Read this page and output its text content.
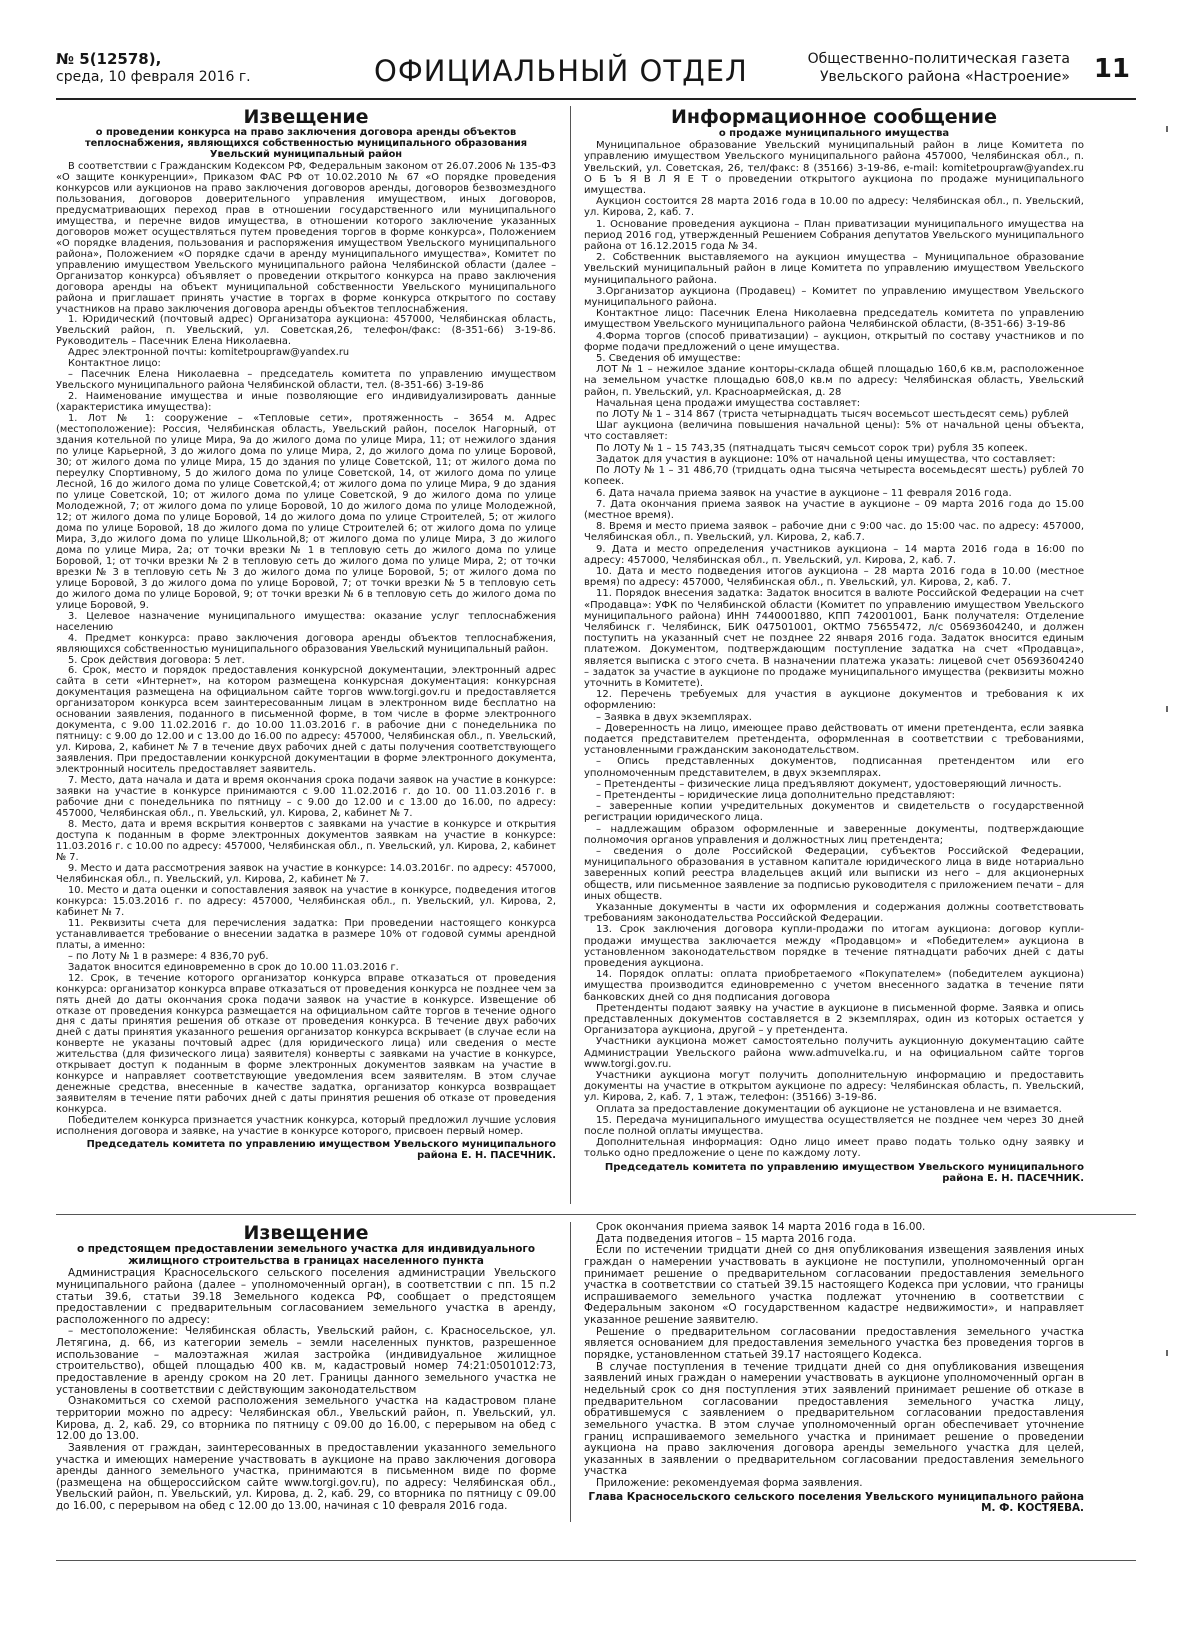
№ 5(12578),
среда, 10 февраля 2016 г.	ОФИЦИАЛЬНЫЙ ОТДЕЛ	Общественно-политическая газета
Увельского района «Настроение» 11
Извещение

о проведении конкурса на право заключения договора аренды объектов теплоснабжения, являющихся собственностью муниципального образования Увельский муниципальный район

В соответствии с Гражданским Кодексом РФ, Федеральным законом от 26.07.2006 № 135-ФЗ «О защите конкуренции», Приказом ФАС РФ от 10.02.2010 № 67 «О порядке проведения конкурсов или аукционов на право заключения договоров аренды, договоров безвозмездного пользования, договоров доверительного управления имуществом, иных договоров, предусматривающих переход прав в отношении государственного или муниципального имущества, и перечне видов имущества, в отношении которого заключение указанных договоров может осуществляться путем проведения торгов в форме конкурса», Положением «О порядке владения, пользования и распоряжения имуществом Увельского муниципального района», Положением «О порядке сдачи в аренду муниципального имущества», Комитет по управлению имуществом Увельского муниципального района Челябинской области (далее – Организатор конкурса) объявляет о проведении открытого конкурса на право заключения договора аренды на объект муниципальной собственности Увельского муниципального района и приглашает принять участие в торгах в форме конкурса открытого по составу участников на право заключения договора аренды объектов теплоснабжения.

1. Юридический (почтовый адрес) Организатора аукциона: 457000, Челябинская область, Увельский район, п. Увельский, ул. Советская,26, телефон/факс: (8-351-66) 3-19-86. Руководитель – Пасечник Елена Николаевна.

Адрес электронной почты: komitetpoupraw@yandex.ru

Контактное лицо:

– Пасечник Елена Николаевна – председатель комитета по управлению имуществом Увельского муниципального района Челябинской области, тел. (8-351-66) 3-19-86

2. Наименование имущества и иные позволяющие его индивидуализировать данные (характеристика имущества):

1. Лот № 1: сооружение – «Тепловые сети», протяженность – 3654 м. Адрес (местоположение): Россия, Челябинская область, Увельский район, поселок Нагорный, от здания котельной по улице Мира, 9а до жилого дома по улице Мира, 11; от нежилого здания по улице Карьерной, 3 до жилого дома по улице Мира, 2, до жилого дома по улице Боровой, 30; от жилого дома по улице Мира, 15 до здания по улице Советской, 11; от жилого дома по переулку Спортивному, 5 до жилого дома по улице Советской, 14, от жилого дома по улице Лесной, 16 до жилого дома по улице Советской,4; от жилого дома по улице Мира, 9 до здания по улице Советской, 10; от жилого дома по улице Советской, 9 до жилого дома по улице Молодежной, 7; от жилого дома по улице Боровой, 10 до жилого дома по улице Молодежной, 12; от жилого дома по улице Боровой, 14 до жилого дома по улице Строителей, 5; от жилого дома по улице Боровой, 18 до жилого дома по улице Строителей 6; от жилого дома по улице Мира, 3,до жилого дома по улице Школьной,8; от жилого дома по улице Мира, 3 до жилого дома по улице Мира, 2а; от точки врезки № 1 в тепловую сеть до жилого дома по улице Боровой, 1; от точки врезки № 2 в тепловую сеть до жилого дома по улице Мира, 2; от точки врезки № 3 в тепловую сеть № 3 до жилого дома по улице Боровой, 5; от жилого дома по улице Боровой, 3 до жилого дома по улице Боровой, 7; от точки врезки № 5 в тепловую сеть до жилого дома по улице Боровой, 9; от точки врезки № 6 в тепловую сеть до жилого дома по улице Боровой, 9.

3. Целевое назначение муниципального имущества: оказание услуг теплоснабжения населению

4. Предмет конкурса: право заключения договора аренды объектов теплоснабжения, являющихся собственностью муниципального образования Увельский муниципальный район.

5. Срок действия договора: 5 лет.

6. Срок, место и порядок предоставления конкурсной документации, электронный адрес сайта в сети «Интернет», на котором размещена конкурсная документация: конкурсная документация размещена на официальном сайте торгов www.torgi.gov.ru и предоставляется организатором конкурса всем заинтересованным лицам в электронном виде бесплатно на основании заявления, поданного в письменной форме, в том числе в форме электронного документа, с 9.00 11.02.2016 г. до 10.00 11.03.2016 г. в рабочие дни с понедельника по пятницу: с 9.00 до 12.00 и с 13.00 до 16.00 по адресу: 457000, Челябинская обл., п. Увельский, ул. Кирова, 2, кабинет № 7 в течение двух рабочих дней с даты получения соответствующего заявления. При предоставлении конкурсной документации в форме электронного документа, электронный носитель предоставляет заявитель.

7. Место, дата начала и дата и время окончания срока подачи заявок на участие в конкурсе: заявки на участие в конкурсе принимаются с 9.00 11.02.2016 г. до 10. 00 11.03.2016 г. в рабочие дни с понедельника по пятницу – с 9.00 до 12.00 и с 13.00 до 16.00, по адресу: 457000, Челябинская обл., п. Увельский, ул. Кирова, 2, кабинет № 7.

8. Место, дата и время вскрытия конвертов с заявками на участие в конкурсе и открытия доступа к поданным в форме электронных документов заявкам на участие в конкурсе: 11.03.2016 г. с 10.00 по адресу: 457000, Челябинская обл., п. Увельский, ул. Кирова, 2, кабинет № 7.

9. Место и дата рассмотрения заявок на участие в конкурсе: 14.03.2016г. по адресу: 457000, Челябинская обл., п. Увельский, ул. Кирова, 2, кабинет № 7.

10. Место и дата оценки и сопоставления заявок на участие в конкурсе, подведения итогов конкурса: 15.03.2016 г. по адресу: 457000, Челябинская обл., п. Увельский, ул. Кирова, 2, кабинет № 7.

11. Реквизиты счета для перечисления задатка: При проведении настоящего конкурса устанавливается требование о внесении задатка в размере 10% от годовой суммы арендной платы, а именно:

– по Лоту № 1 в размере: 4 836,70 руб.

Задаток вносится единовременно в срок до 10.00 11.03.2016 г.

12. Срок, в течение которого организатор конкурса вправе отказаться от проведения конкурса: организатор конкурса вправе отказаться от проведения конкурса не позднее чем за пять дней до даты окончания срока подачи заявок на участие в конкурсе. Извещение об отказе от проведения конкурса размещается на официальном сайте торгов в течение одного дня с даты принятия решения об отказе от проведения конкурса. В течение двух рабочих дней с даты принятия указанного решения организатор конкурса вскрывает (в случае если на конверте не указаны почтовый адрес (для юридического лица) или сведения о месте жительства (для физического лица) заявителя) конверты с заявками на участие в конкурсе, открывает доступ к поданным в форме электронных документов заявкам на участие в конкурсе и направляет соответствующие уведомления всем заявителям. В этом случае денежные средства, внесенные в качестве задатка, организатор конкурса возвращает заявителям в течение пяти рабочих дней с даты принятия решения об отказе от проведения конкурса.

Победителем конкурса признается участник конкурса, который предложил лучшие условия исполнения договора и заявке, на участие в конкурсе которого, присвоен первый номер.

Председатель комитета по управлению имуществом Увельского муниципального района Е. Н. ПАСЕЧНИК.

Информационное сообщение

о продаже муниципального имущества

Муниципальное образование Увельский муниципальный район в лице Комитета по управлению имуществом Увельского муниципального района 457000, Челябинская обл., п. Увельский, ул. Советская, 26, тел/факс: 8 (35166) 3-19-86, e-mail: komitetpoupraw@yandex.ru О Б Ъ Я В Л Я Е Т о проведении открытого аукциона по продаже муниципального имущества.

Аукцион состоится 28 марта 2016 года в 10.00 по адресу: Челябинская обл., п. Увельский, ул. Кирова, 2, каб. 7.

1. Основание проведения аукциона – План приватизации муниципального имущества на период 2016 год, утвержденный Решением Собрания депутатов Увельского муниципального района от 16.12.2015 года № 34.

2. Собственник выставляемого на аукцион имущества – Муниципальное образование Увельский муниципальный район в лице Комитета по управлению имуществом Увельского муниципального района.

3.Организатор аукциона (Продавец) – Комитет по управлению имуществом Увельского муниципального района.

Контактное лицо: Пасечник Елена Николаевна председатель комитета по управлению имуществом Увельского муниципального района Челябинской области, (8-351-66) 3-19-86

4.Форма торгов (способ приватизации) – аукцион, открытый по составу участников и по форме подачи предложений о цене имущества.

5. Сведения об имуществе:

ЛОТ № 1 – нежилое здание конторы-склада общей площадью 160,6 кв.м, расположенное на земельном участке площадью 608,0 кв.м по адресу: Челябинская область, Увельский район, п. Увельский, ул. Красноармейская, д. 28

Начальная цена продажи имущества составляет:

по ЛОТу № 1 – 314 867 (триста четырнадцать тысяч восемьсот шестьдесят семь) рублей

Шаг аукциона (величина повышения начальной цены): 5% от начальной цены объекта, что составляет:

По ЛОТу № 1 – 15 743,35 (пятнадцать тысяч семьсот сорок три) рубля 35 копеек.

Задаток для участия в аукционе: 10% от начальной цены имущества, что составляет:

По ЛОТу № 1 – 31 486,70 (тридцать одна тысяча четыреста восемьдесят шесть) рублей 70 копеек.

6. Дата начала приема заявок на участие в аукционе – 11 февраля 2016 года.

7. Дата окончания приема заявок на участие в аукционе – 09 марта 2016 года до 15.00 (местное время).

8. Время и место приема заявок – рабочие дни с 9:00 час. до 15:00 час. по адресу: 457000, Челябинская обл., п. Увельский, ул. Кирова, 2, каб.7.

9. Дата и место определения участников аукциона – 14 марта 2016 года в 16:00 по адресу: 457000, Челябинская обл., п. Увельский, ул. Кирова, 2, каб. 7.

10. Дата и место подведения итогов аукциона – 28 марта 2016 года в 10.00 (местное время) по адресу: 457000, Челябинская обл., п. Увельский, ул. Кирова, 2, каб. 7.

11. Порядок внесения задатка: Задаток вносится в валюте Российской Федерации на счет «Продавца»: УФК по Челябинской области (Комитет по управлению имуществом Увельского муниципального района) ИНН 7440001880, КПП 742001001, Банк получателя: Отделение Челябинск г. Челябинск, БИК 047501001, ОКТМО 75655472, л/с 05693604240, и должен поступить на указанный счет не позднее 22 января 2016 года. Задаток вносится единым платежом. Документом, подтверждающим поступление задатка на счет «Продавца», является выписка с этого счета. В назначении платежа указать: лицевой счет 05693604240 – задаток за участие в аукционе по продаже муниципального имущества (реквизиты можно уточнить в Комитете).

12. Перечень требуемых для участия в аукционе документов и требования к их оформлению:

– Заявка в двух экземплярах.

– Доверенность на лицо, имеющее право действовать от имени претендента, если заявка подается представителем претендента, оформленная в соответствии с требованиями, установленными гражданским законодательством.

– Опись представленных документов, подписанная претендентом или его уполномоченным представителем, в двух экземплярах.

– Претенденты – физические лица предъявляют документ, удостоверяющий личность.

– Претенденты – юридические лица дополнительно представляют:

– заверенные копии учредительных документов и свидетельств о государственной регистрации юридического лица.

– надлежащим образом оформленные и заверенные документы, подтверждающие полномочия органов управления и должностных лиц претендента;

– сведения о доле Российской Федерации, субъектов Российской Федерации, муниципального образования в уставном капитале юридического лица в виде нотариально заверенных копий реестра владельцев акций или выписки из него – для акционерных обществ, или письменное заявление за подписью руководителя с приложением печати – для иных обществ.

Указанные документы в части их оформления и содержания должны соответствовать требованиям законодательства Российской Федерации.

13. Срок заключения договора купли-продажи по итогам аукциона: договор купли-продажи имущества заключается между «Продавцом» и «Победителем» аукциона в установленном законодательством порядке в течение пятнадцати рабочих дней с даты проведения аукциона.

14. Порядок оплаты: оплата приобретаемого «Покупателем» (победителем аукциона) имущества производится единовременно с учетом внесенного задатка в течение пяти банковских дней со дня подписания договора

Претенденты подают заявку на участие в аукционе в письменной форме. Заявка и опись представленных документов составляется в 2 экземплярах, один из которых остается у Организатора аукциона, другой – у претендента.

Участники аукциона может самостоятельно получить аукционную документацию сайте Администрации Увельского района www.admuvelka.ru, и на официальном сайте торгов www.torgi.gov.ru.

Участники аукциона могут получить дополнительную информацию и предоставить документы на участие в открытом аукционе по адресу: Челябинская область, п. Увельский, ул. Кирова, 2, каб. 7, 1 этаж, телефон: (35166) 3-19-86.

Оплата за предоставление документации об аукционе не установлена и не взимается.

15. Передача муниципального имущества осуществляется не позднее чем через 30 дней после полной оплаты имущества.

Дополнительная информация: Одно лицо имеет право подать только одну заявку и только одно предложение о цене по каждому лоту.

Председатель комитета по управлению имуществом Увельского муниципального района Е. Н. ПАСЕЧНИК.

Извещение

о предстоящем предоставлении земельного участка для индивидуального жилищного строительства в границах населенного пункта

Администрация Красносельского сельского поселения администрации Увельского муниципального района (далее – уполномоченный орган), в соответствии с пп. 15 п.2 статьи 39.6, статьи 39.18 Земельного кодекса РФ, сообщает о предстоящем предоставлении с предварительным согласованием земельного участка в аренду, расположенного по адресу:

– местоположение: Челябинская область, Увельский район, с. Красносельское, ул. Летягина, д. 66, из категории земель – земли населенных пунктов, разрешенное использование – малоэтажная жилая застройка (индивидуальное жилищное строительство), общей площадью 400 кв. м, кадастровый номер 74:21:0501012:73, предоставление в аренду сроком на 20 лет. Границы данного земельного участка не установлены в соответствии с действующим законодательством

Ознакомиться со схемой расположения земельного участка на кадастровом плане территории можно по адресу: Челябинская обл., Увельский район, п. Увельский, ул. Кирова, д. 2, каб. 29, со вторника по пятницу с 09.00 до 16.00, с перерывом на обед с 12.00 до 13.00.

Заявления от граждан, заинтересованных в предоставлении указанного земельного участка и имеющих намерение участвовать в аукционе на право заключения договора аренды данного земельного участка, принимаются в письменном виде по форме (размещена на общероссийском сайте www.torgi.gov.ru), по адресу: Челябинская обл., Увельский район, п. Увельский, ул. Кирова, д. 2, каб. 29, со вторника по пятницу с 09.00 до 16.00, с перерывом на обед с 12.00 до 13.00, начиная с 10 февраля 2016 года.

Срок окончания приема заявок 14 марта 2016 года в 16.00.

Дата подведения итогов – 15 марта 2016 года.

Если по истечении тридцати дней со дня опубликования извещения заявления иных граждан о намерении участвовать в аукционе не поступили, уполномоченный орган принимает решение о предварительном согласовании предоставления земельного участка в соответствии со статьей 39.15 настоящего Кодекса при условии, что границы испрашиваемого земельного участка подлежат уточнению в соответствии с Федеральным законом «О государственном кадастре недвижимости», и направляет указанное решение заявителю.

Решение о предварительном согласовании предоставления земельного участка является основанием для предоставления земельного участка без проведения торгов в порядке, установленном статьей 39.17 настоящего Кодекса.

В случае поступления в течение тридцати дней со дня опубликования извещения заявлений иных граждан о намерении участвовать в аукционе уполномоченный орган в недельный срок со дня поступления этих заявлений принимает решение об отказе в предварительном согласовании предоставления земельного участка лицу, обратившемуся с заявлением о предварительном согласовании предоставления земельного участка. В этом случае уполномоченный орган обеспечивает уточнение границ испрашиваемого земельного участка и принимает решение о проведении аукциона на право заключения договора аренды земельного участка для целей, указанных в заявлении о предварительном согласовании предоставления земельного участка

Приложение: рекомендуемая форма заявления.

Глава Красносельского сельского поселения Увельского муниципального района М. Ф. КОСТЯЕВА.
